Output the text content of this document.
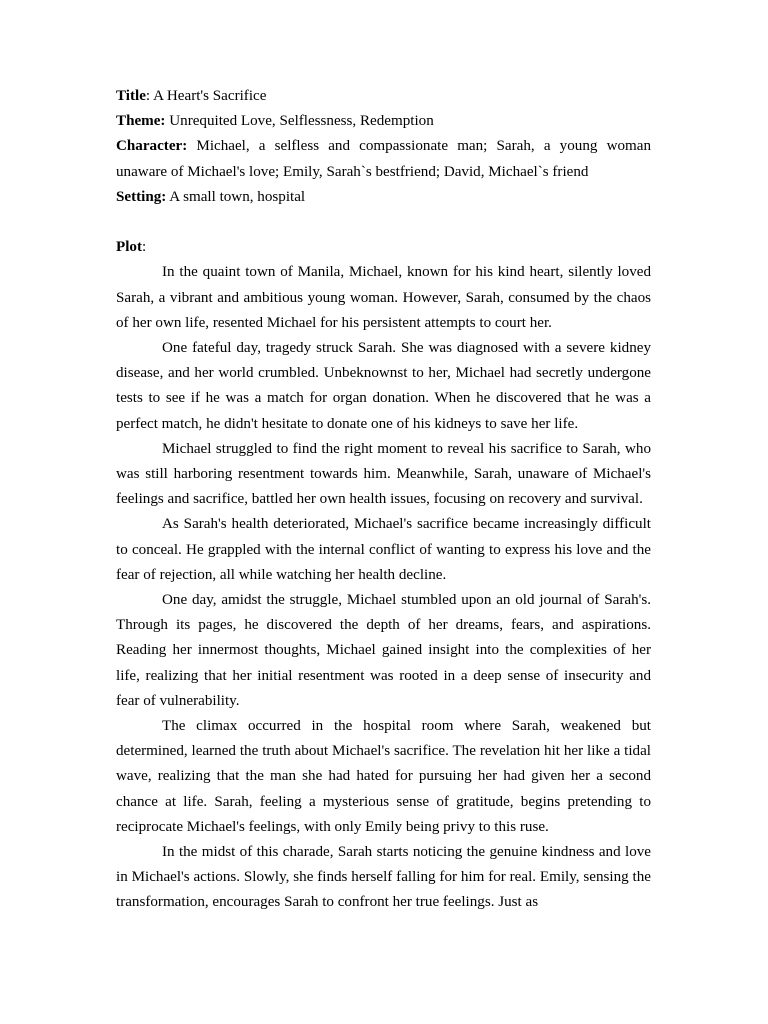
Title: A Heart's Sacrifice

Theme: Unrequited Love, Selflessness, Redemption

Character: Michael, a selfless and compassionate man; Sarah, a young woman unaware of Michael's love; Emily, Sarah`s bestfriend; David, Michael`s friend

Setting: A small town, hospital

Plot:

In the quaint town of Manila, Michael, known for his kind heart, silently loved Sarah, a vibrant and ambitious young woman. However, Sarah, consumed by the chaos of her own life, resented Michael for his persistent attempts to court her.

One fateful day, tragedy struck Sarah. She was diagnosed with a severe kidney disease, and her world crumbled. Unbeknownst to her, Michael had secretly undergone tests to see if he was a match for organ donation. When he discovered that he was a perfect match, he didn't hesitate to donate one of his kidneys to save her life.

Michael struggled to find the right moment to reveal his sacrifice to Sarah, who was still harboring resentment towards him. Meanwhile, Sarah, unaware of Michael's feelings and sacrifice, battled her own health issues, focusing on recovery and survival.

As Sarah's health deteriorated, Michael's sacrifice became increasingly difficult to conceal. He grappled with the internal conflict of wanting to express his love and the fear of rejection, all while watching her health decline.

One day, amidst the struggle, Michael stumbled upon an old journal of Sarah's. Through its pages, he discovered the depth of her dreams, fears, and aspirations. Reading her innermost thoughts, Michael gained insight into the complexities of her life, realizing that her initial resentment was rooted in a deep sense of insecurity and fear of vulnerability.

The climax occurred in the hospital room where Sarah, weakened but determined, learned the truth about Michael's sacrifice. The revelation hit her like a tidal wave, realizing that the man she had hated for pursuing her had given her a second chance at life. Sarah, feeling a mysterious sense of gratitude, begins pretending to reciprocate Michael's feelings, with only Emily being privy to this ruse.

In the midst of this charade, Sarah starts noticing the genuine kindness and love in Michael's actions. Slowly, she finds herself falling for him for real. Emily, sensing the transformation, encourages Sarah to confront her true feelings. Just as
